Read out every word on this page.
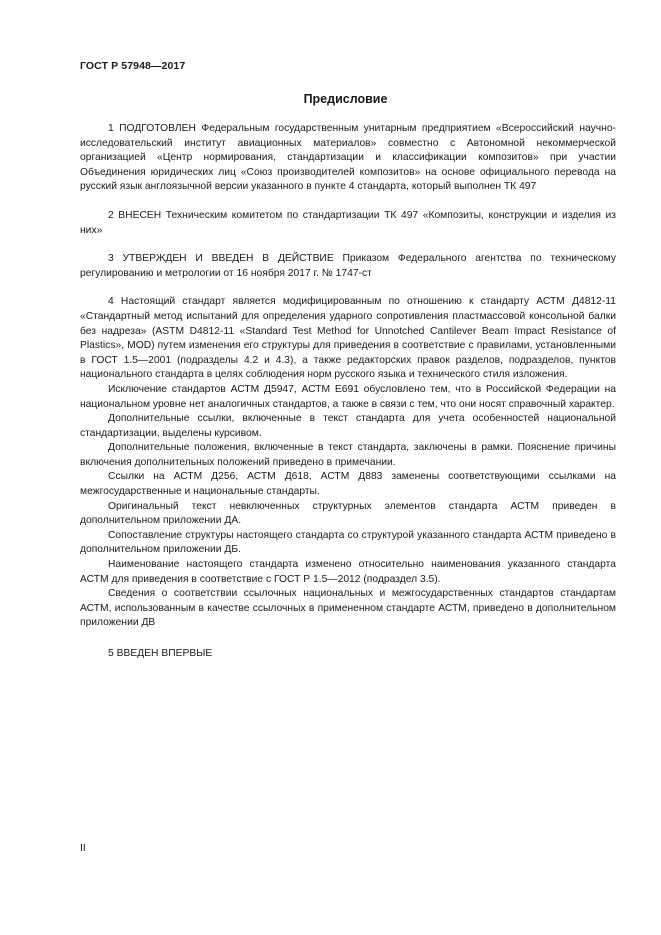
ГОСТ Р 57948—2017
Предисловие

1 ПОДГОТОВЛЕН Федеральным государственным унитарным предприятием «Всероссийский научно-исследовательский институт авиационных материалов» совместно с Автономной некоммерческой организацией «Центр нормирования, стандартизации и классификации композитов» при участии Объединения юридических лиц «Союз производителей композитов» на основе официального перевода на русский язык англоязычной версии указанного в пункте 4 стандарта, который выполнен ТК 497

2 ВНЕСЕН Техническим комитетом по стандартизации ТК 497 «Композиты, конструкции и изделия из них»

3 УТВЕРЖДЕН И ВВЕДЕН В ДЕЙСТВИЕ Приказом Федерального агентства по техническому регулированию и метрологии от 16 ноября 2017 г. № 1747-ст

4 Настоящий стандарт является модифицированным по отношению к стандарту АСТМ Д4812-11 «Стандартный метод испытаний для определения ударного сопротивления пластмассовой консольной балки без надреза» (ASTM D4812-11 «Standard Test Method for Unnotched Cantilever Beam Impact Resistance of Plastics», MOD) путем изменения его структуры для приведения в соответствие с правилами, установленными в ГОСТ 1.5—2001 (подразделы 4.2 и 4.3), а также редакторских правок разделов, подразделов, пунктов национального стандарта в целях соблюдения норм русского языка и технического стиля изложения.

Исключение стандартов АСТМ Д5947, АСТМ Е691 обусловлено тем, что в Российской Федерации на национальном уровне нет аналогичных стандартов, а также в связи с тем, что они носят справочный характер.

Дополнительные ссылки, включенные в текст стандарта для учета особенностей национальной стандартизации, выделены курсивом.

Дополнительные положения, включенные в текст стандарта, заключены в рамки. Пояснение причины включения дополнительных положений приведено в примечании.

Ссылки на АСТМ Д256, АСТМ Д618, АСТМ Д883 заменены соответствующими ссылками на межгосударственные и национальные стандарты.

Оригинальный текст невключенных структурных элементов стандарта АСТМ приведен в дополнительном приложении ДА.

Сопоставление структуры настоящего стандарта со структурой указанного стандарта АСТМ приведено в дополнительном приложении ДБ.

Наименование настоящего стандарта изменено относительно наименования указанного стандарта АСТМ для приведения в соответствие с ГОСТ Р 1.5—2012 (подраздел 3.5).

Сведения о соответствии ссылочных национальных и межгосударственных стандартов стандартам АСТМ, использованным в качестве ссылочных в примененном стандарте АСТМ, приведено в дополнительном приложении ДВ

5 ВВЕДЕН ВПЕРВЫЕ

II
